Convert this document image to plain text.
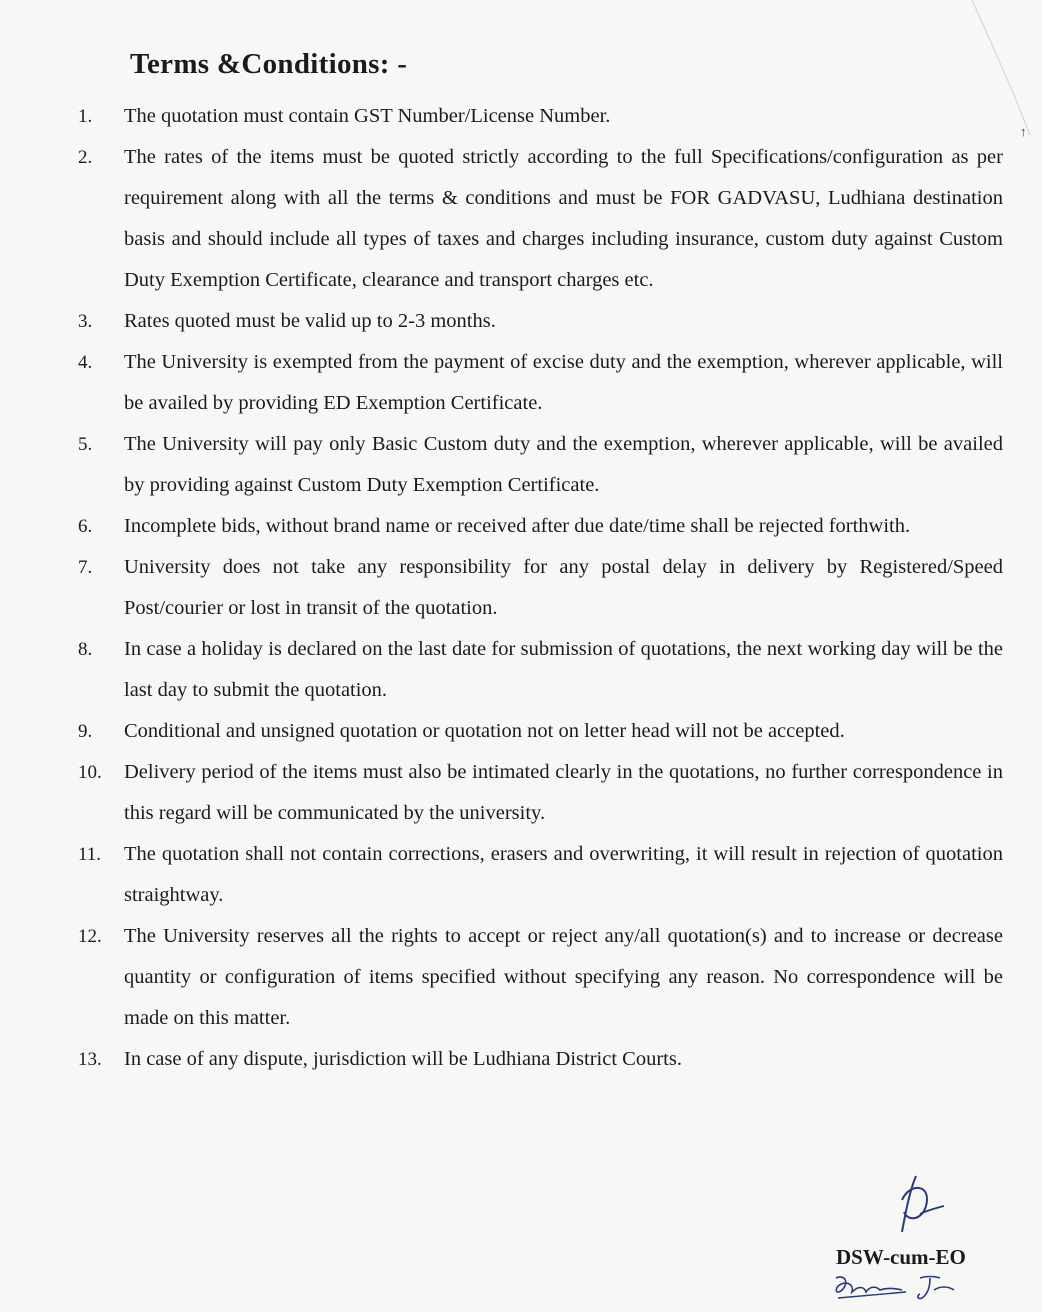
↑
Terms &Conditions: -
1. The quotation must contain GST Number/License Number.
2. The rates of the items must be quoted strictly according to the full Specifications/configuration as per requirement along with all the terms & conditions and must be FOR GADVASU, Ludhiana destination basis and should include all types of taxes and charges including insurance, custom duty against Custom Duty Exemption Certificate, clearance and transport charges etc.
3. Rates quoted must be valid up to 2-3 months.
4. The University is exempted from the payment of excise duty and the exemption, wherever applicable, will be availed by providing ED Exemption Certificate.
5. The University will pay only Basic Custom duty and the exemption, wherever applicable, will be availed by providing against Custom Duty Exemption Certificate.
6. Incomplete bids, without brand name or received after due date/time shall be rejected forthwith.
7. University does not take any responsibility for any postal delay in delivery by Registered/Speed Post/courier or lost in transit of the quotation.
8. In case a holiday is declared on the last date for submission of quotations, the next working day will be the last day to submit the quotation.
9. Conditional and unsigned quotation or quotation not on letter head will not be accepted.
10. Delivery period of the items must also be intimated clearly in the quotations, no further correspondence in this regard will be communicated by the university.
11. The quotation shall not contain corrections, erasers and overwriting, it will result in rejection of quotation straightway.
12. The University reserves all the rights to accept or reject any/all quotation(s) and to increase or decrease quantity or configuration of items specified without specifying any reason. No correspondence will be made on this matter.
13. In case of any dispute, jurisdiction will be Ludhiana District Courts.
DSW-cum-EO
